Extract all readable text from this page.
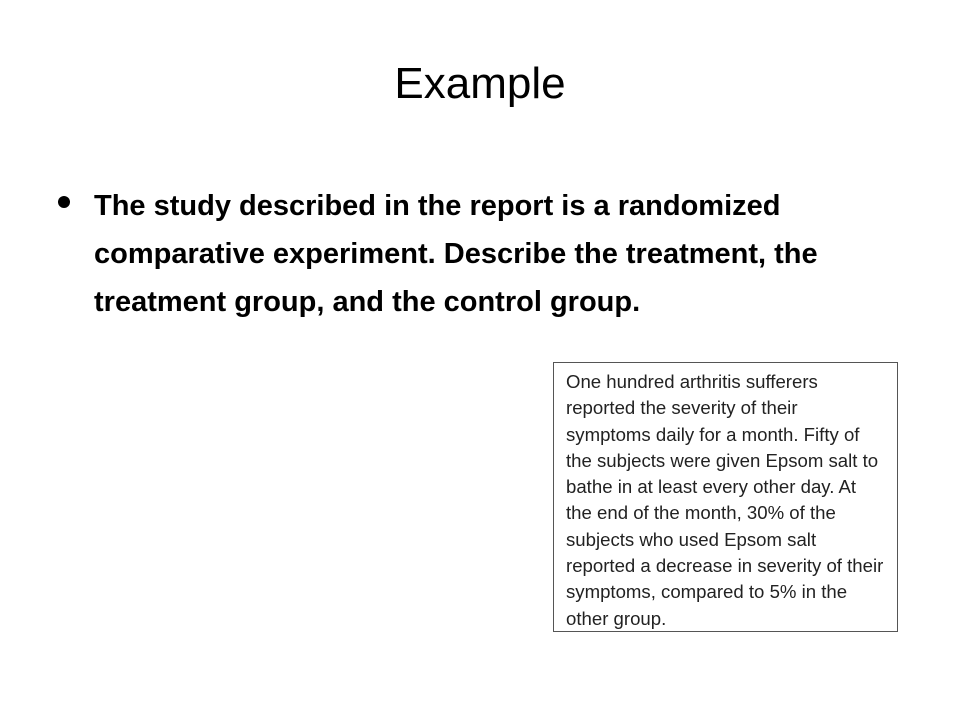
Example
The study described in the report is a randomized comparative experiment. Describe the treatment, the treatment group, and the control group.

One hundred arthritis sufferers reported the severity of their symptoms daily for a month. Fifty of the subjects were given Epsom salt to bathe in at least every other day. At the end of the month, 30% of the subjects who used Epsom salt reported a decrease in severity of their symptoms, compared to 5% in the other group.
